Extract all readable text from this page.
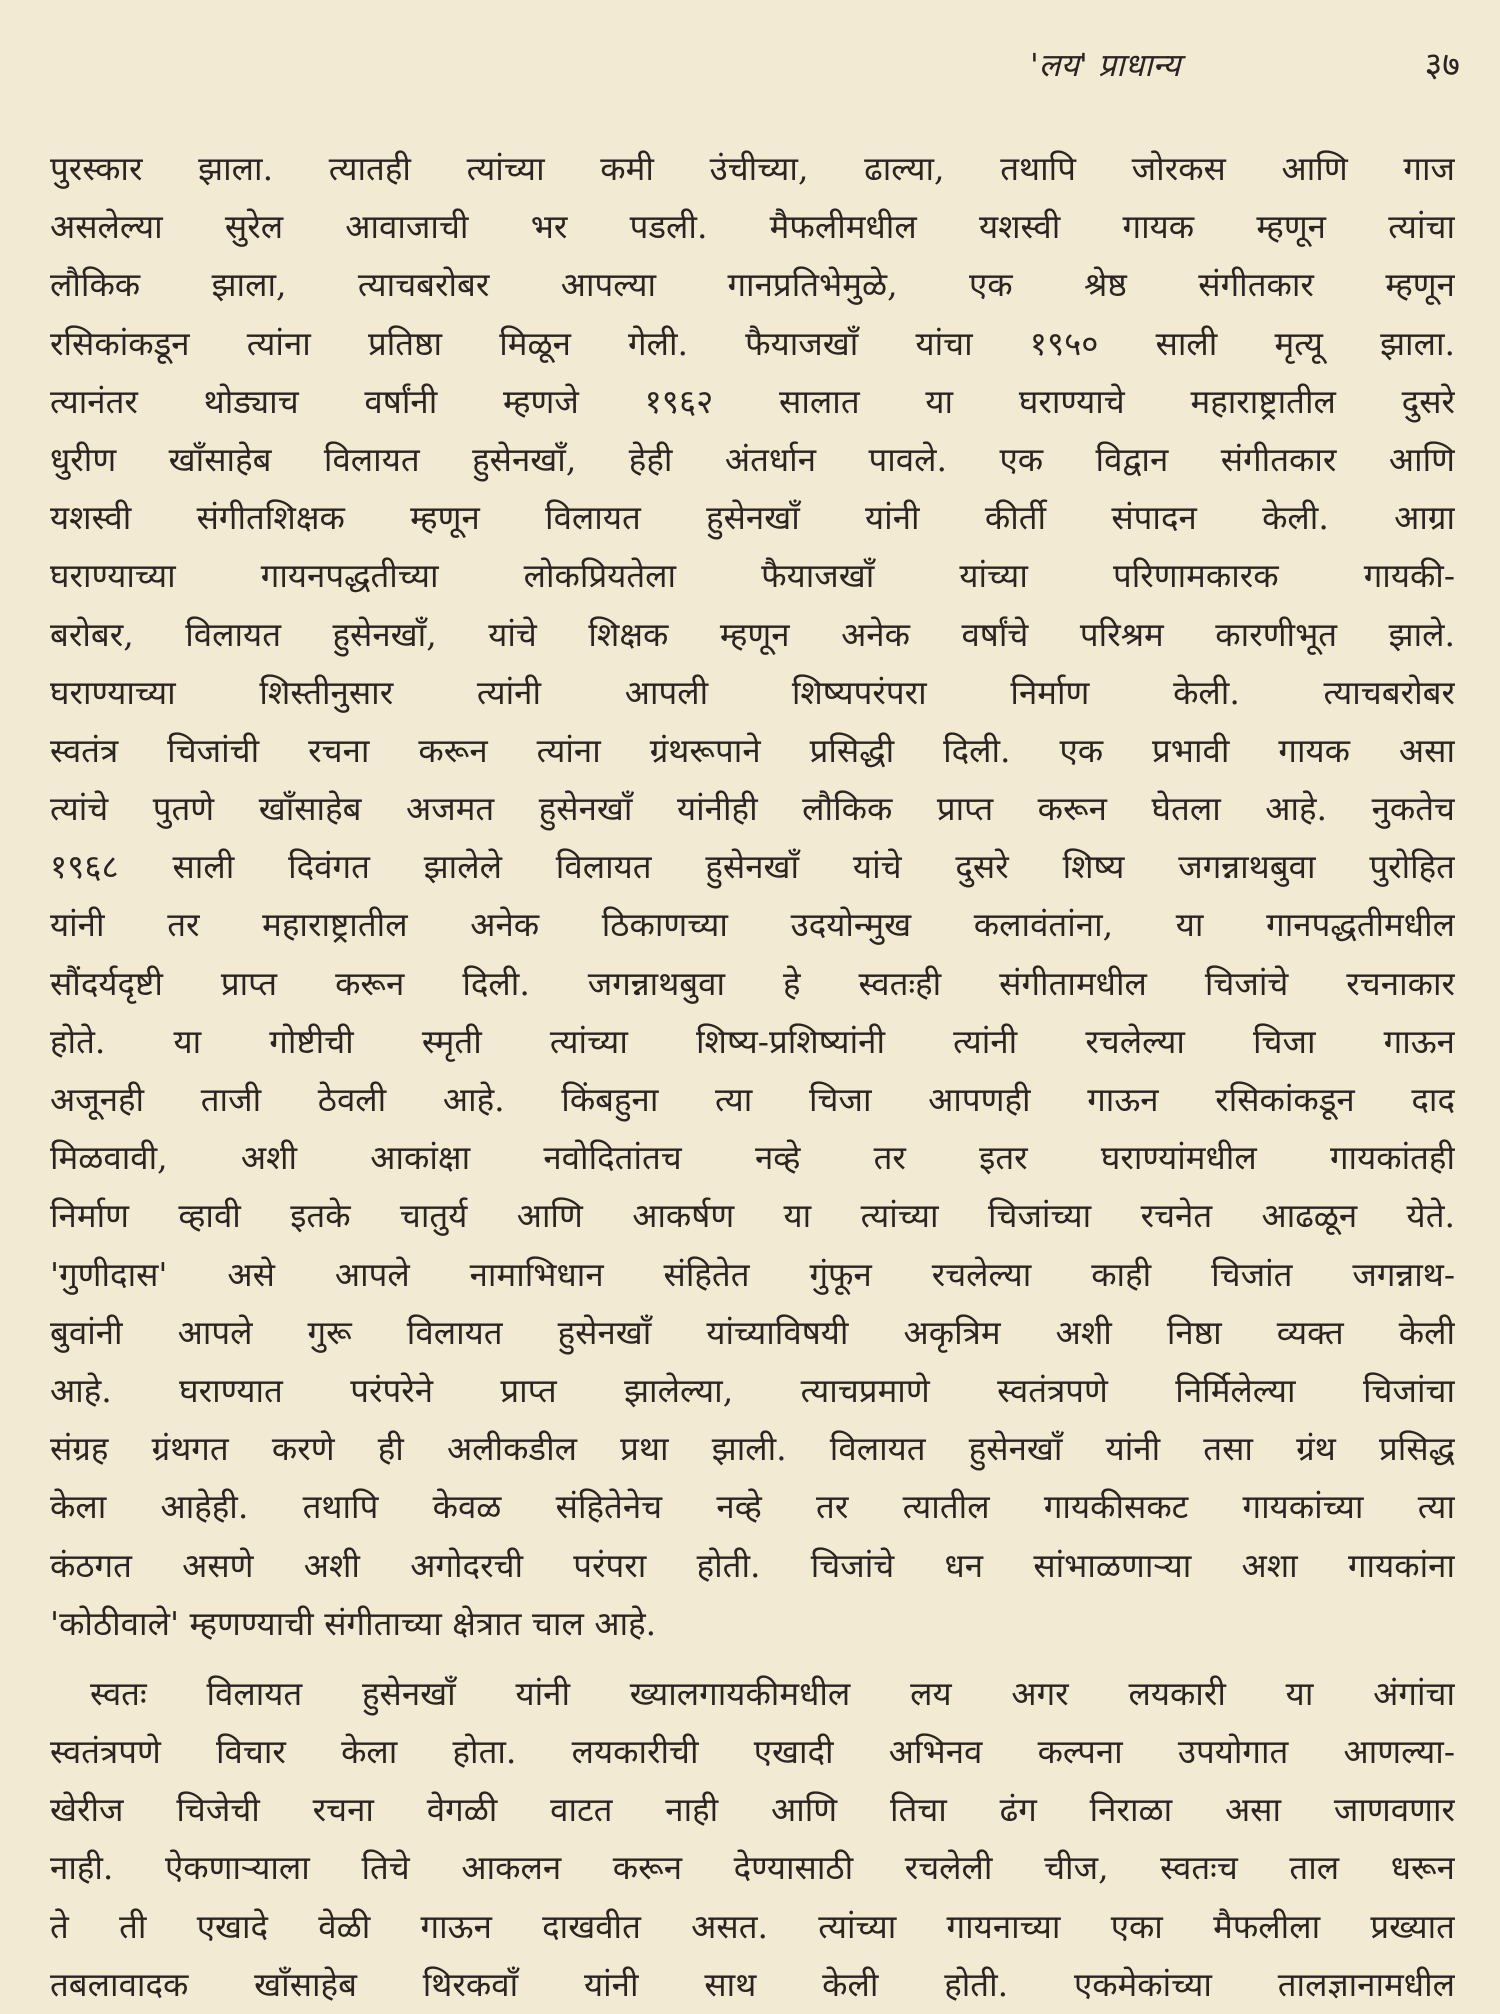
'लय' प्राधान्य	३७
पुरस्कार झाला. त्यातही त्यांच्या कमी उंचीच्या, ढाल्या, तथापि जोरकस आणि गाज
असलेल्या सुरेल आवाजाची भर पडली. मैफलीमधील यशस्वी गायक म्हणून त्यांचा
लौकिक झाला, त्याचबरोबर आपल्या गानप्रतिभेमुळे, एक श्रेष्ठ संगीतकार म्हणून
रसिकांकडून त्यांना प्रतिष्ठा मिळून गेली. फैयाजखाँ यांचा १९५० साली मृत्यू झाला.
त्यानंतर थोड्याच वर्षांनी म्हणजे १९६२ सालात या घराण्याचे महाराष्ट्रातील दुसरे
धुरीण खाँसाहेब विलायत हुसेनखाँ, हेही अंतर्धान पावले. एक विद्वान संगीतकार आणि
यशस्वी संगीतशिक्षक म्हणून विलायत हुसेनखाँ यांनी कीर्ती संपादन केली. आग्रा
घराण्याच्या गायनपद्धतीच्या लोकप्रियतेला फैयाजखाँ यांच्या परिणामकारक गायकी-
बरोबर, विलायत हुसेनखाँ, यांचे शिक्षक म्हणून अनेक वर्षांचे परिश्रम कारणीभूत झाले.
घराण्याच्या शिस्तीनुसार त्यांनी आपली शिष्यपरंपरा निर्माण केली. त्याचबरोबर
स्वतंत्र चिजांची रचना करून त्यांना ग्रंथरूपाने प्रसिद्धी दिली. एक प्रभावी गायक असा
त्यांचे पुतणे खाँसाहेब अजमत हुसेनखाँ यांनीही लौकिक प्राप्त करून घेतला आहे. नुकतेच
१९६८ साली दिवंगत झालेले विलायत हुसेनखाँ यांचे दुसरे शिष्य जगन्नाथबुवा पुरोहित
यांनी तर महाराष्ट्रातील अनेक ठिकाणच्या उदयोन्मुख कलावंतांना, या गानपद्धतीमधील
सौंदर्यदृष्टी प्राप्त करून दिली. जगन्नाथबुवा हे स्वतःही संगीतामधील चिजांचे रचनाकार
होते. या गोष्टीची स्मृती त्यांच्या शिष्य-प्रशिष्यांनी त्यांनी रचलेल्या चिजा गाऊन
अजूनही ताजी ठेवली आहे. किंबहुना त्या चिजा आपणही गाऊन रसिकांकडून दाद
मिळवावी, अशी आकांक्षा नवोदितांतच नव्हे तर इतर घराण्यांमधील गायकांतही
निर्माण व्हावी इतके चातुर्य आणि आकर्षण या त्यांच्या चिजांच्या रचनेत आढळून येते.
'गुणीदास' असे आपले नामाभिधान संहितेत गुंफून रचलेल्या काही चिजांत जगन्नाथ-
बुवांनी आपले गुरू विलायत हुसेनखाँ यांच्याविषयी अकृत्रिम अशी निष्ठा व्यक्त केली
आहे. घराण्यात परंपरेने प्राप्त झालेल्या, त्याचप्रमाणे स्वतंत्रपणे निर्मिलेल्या चिजांचा
संग्रह ग्रंथगत करणे ही अलीकडील प्रथा झाली. विलायत हुसेनखाँ यांनी तसा ग्रंथ प्रसिद्ध
केला आहेही. तथापि केवळ संहितेनेच नव्हे तर त्यातील गायकीसकट गायकांच्या त्या
कंठगत असणे अशी अगोदरची परंपरा होती. चिजांचे धन सांभाळणाऱ्या अशा गायकांना
'कोठीवाले' म्हणण्याची संगीताच्या क्षेत्रात चाल आहे.
स्वतः विलायत हुसेनखाँ यांनी ख्यालगायकीमधील लय अगर लयकारी या अंगांचा
स्वतंत्रपणे विचार केला होता. लयकारीची एखादी अभिनव कल्पना उपयोगात आणल्या-
खेरीज चिजेची रचना वेगळी वाटत नाही आणि तिचा ढंग निराळा असा जाणवणार
नाही. ऐकणाऱ्याला तिचे आकलन करून देण्यासाठी रचलेली चीज, स्वतःच ताल धरून
ते ती एखादे वेळी गाऊन दाखवीत असत. त्यांच्या गायनाच्या एका मैफलीला प्रख्यात
तबलावादक खाँसाहेब थिरकवाँ यांनी साथ केली होती. एकमेकांच्या तालज्ञानामधील
